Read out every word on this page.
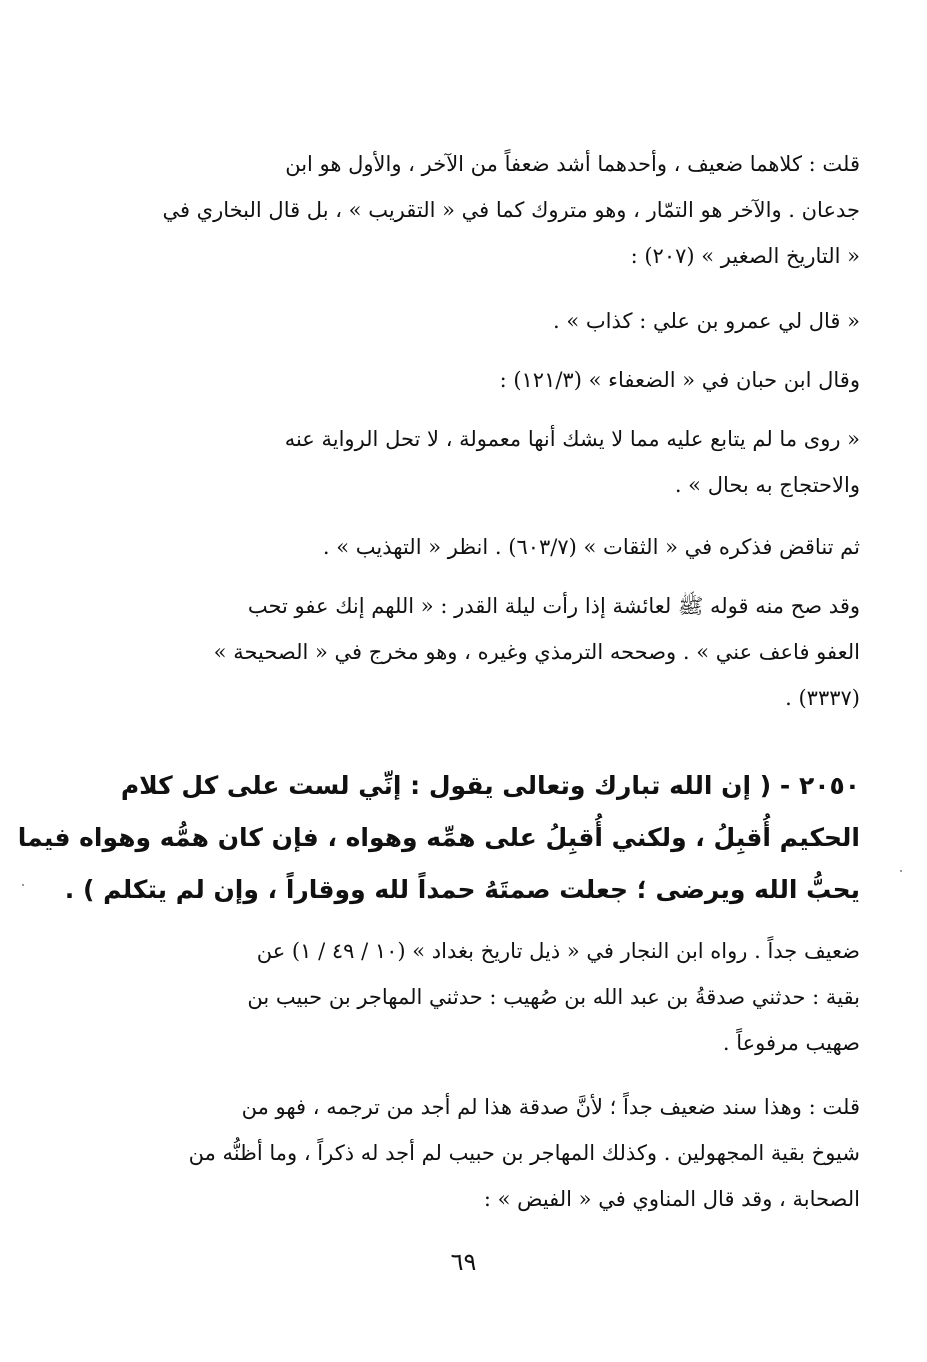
قلت : كلاهما ضعيف ، وأحدهما أشد ضعفاً من الآخر ، والأول هو ابن
جدعان . والآخر هو التمّار ، وهو متروك كما في « التقريب » ، بل قال البخاري في
« التاريخ الصغير » (٢٠٧) :
« قال لي عمرو بن علي : كذاب » .
وقال ابن حبان في « الضعفاء » (١٢١/٣) :
« روى ما لم يتابع عليه مما لا يشك أنها معمولة ، لا تحل الرواية عنه
والاحتجاج به بحال » .
ثم تناقض فذكره في « الثقات » (٦٠٣/٧) . انظر « التهذيب » .
وقد صح منه قوله ﷺ لعائشة إذا رأت ليلة القدر : « اللهم إنك عفو تحب
العفو فاعف عني » . وصححه الترمذي وغيره ، وهو مخرج في « الصحيحة »
(٣٣٣٧) .
٢٠٥٠ - ( إن الله تبارك وتعالى يقول : إنِّي لست على كل كلام
الحكيم أُقبِلُ ، ولكني أُقبِلُ على همِّه وهواه ، فإن كان همُّه وهواه فيما
يحبُّ الله ويرضى ؛ جعلت صمتَهُ حمداً لله ووقاراً ، وإن لم يتكلم ) .
ضعيف جداً . رواه ابن النجار في « ذيل تاريخ بغداد » (١٠ / ٤٩ / ١) عن
بقية : حدثني صدقةُ بن عبد الله بن صُهيب : حدثني المهاجر بن حبيب بن
صهيب مرفوعاً .
قلت : وهذا سند ضعيف جداً ؛ لأنَّ صدقة هذا لم أجد من ترجمه ، فهو من
شيوخ بقية المجهولين . وكذلك المهاجر بن حبيب لم أجد له ذكراً ، وما أظنُّه من
الصحابة ، وقد قال المناوي في « الفيض » :
٦٩
